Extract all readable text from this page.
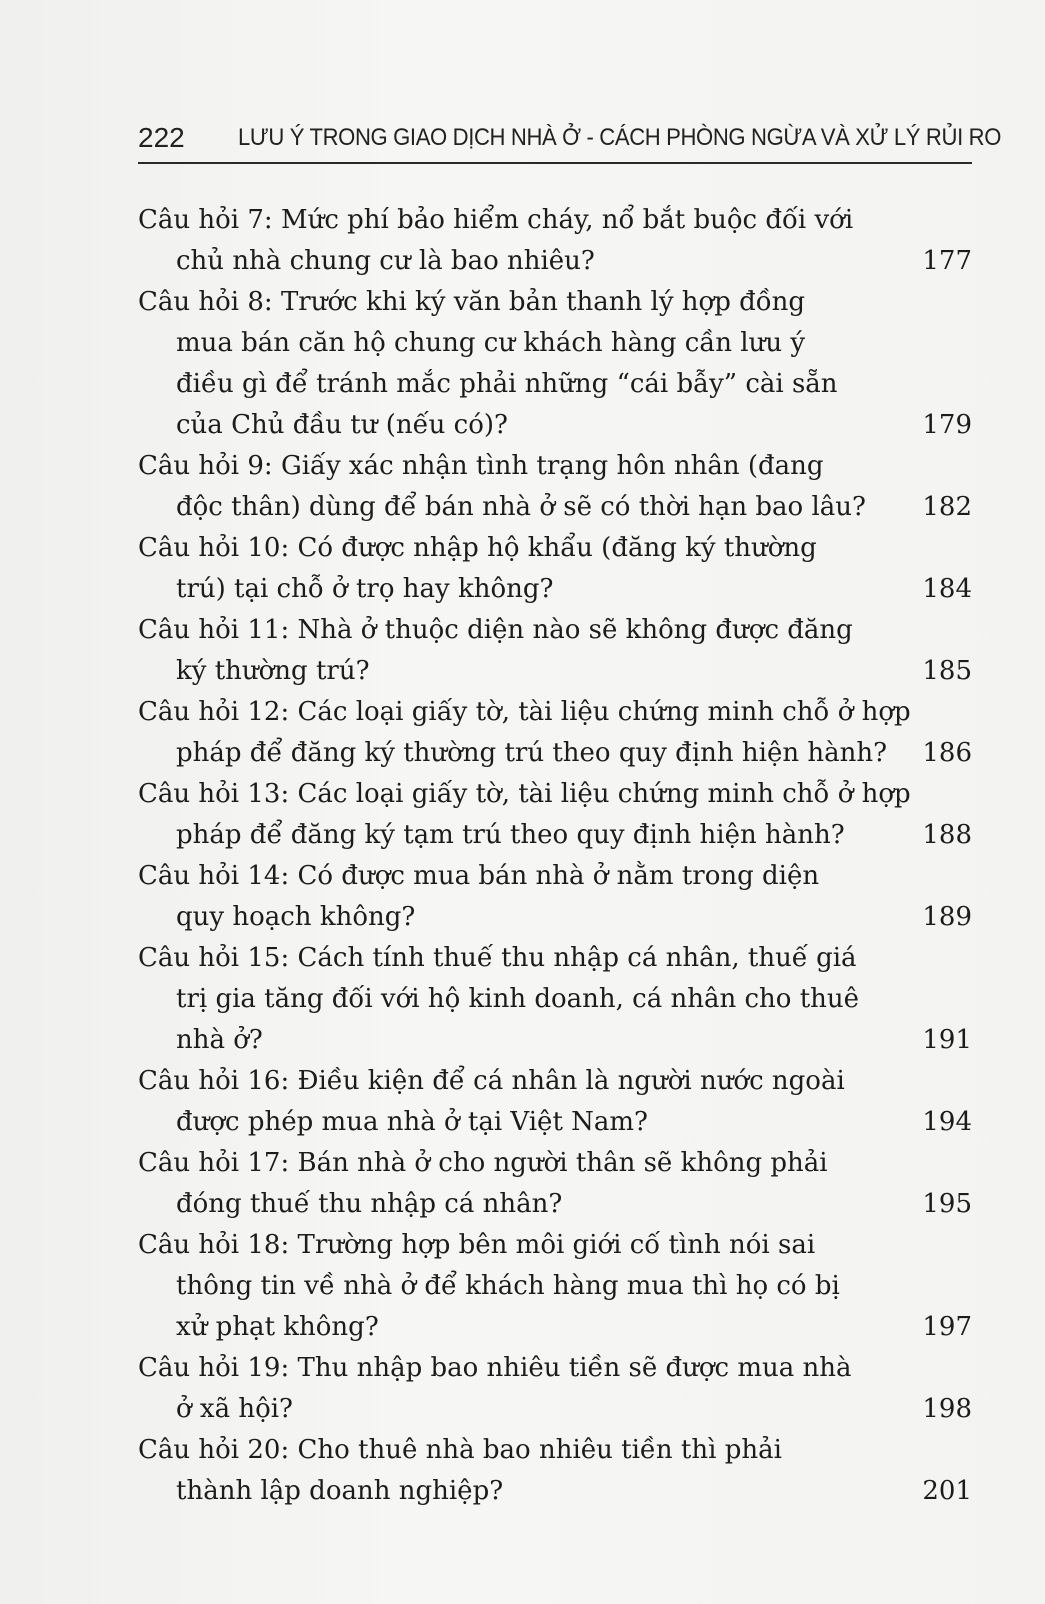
222 LƯU Ý TRONG GIAO DỊCH NHÀ Ở - CÁCH PHÒNG NGỪA VÀ XỬ LÝ RỦI RO
Câu hỏi 7: Mức phí bảo hiểm cháy, nổ bắt buộc đối với
chủ nhà chung cư là bao nhiêu?	177
Câu hỏi 8: Trước khi ký văn bản thanh lý hợp đồng
mua bán căn hộ chung cư khách hàng cần lưu ý
điều gì để tránh mắc phải những “cái bẫy” cài sẵn
của Chủ đầu tư (nếu có)?	179
Câu hỏi 9: Giấy xác nhận tình trạng hôn nhân (đang
độc thân) dùng để bán nhà ở sẽ có thời hạn bao lâu?	182
Câu hỏi 10: Có được nhập hộ khẩu (đăng ký thường
trú) tại chỗ ở trọ hay không?	184
Câu hỏi 11: Nhà ở thuộc diện nào sẽ không được đăng
ký thường trú?	185
Câu hỏi 12: Các loại giấy tờ, tài liệu chứng minh chỗ ở hợp
pháp để đăng ký thường trú theo quy định hiện hành?	186
Câu hỏi 13: Các loại giấy tờ, tài liệu chứng minh chỗ ở hợp
pháp để đăng ký tạm trú theo quy định hiện hành?	188
Câu hỏi 14: Có được mua bán nhà ở nằm trong diện
quy hoạch không?	189
Câu hỏi 15: Cách tính thuế thu nhập cá nhân, thuế giá
trị gia tăng đối với hộ kinh doanh, cá nhân cho thuê
nhà ở?	191
Câu hỏi 16: Điều kiện để cá nhân là người nước ngoài
được phép mua nhà ở tại Việt Nam?	194
Câu hỏi 17: Bán nhà ở cho người thân sẽ không phải
đóng thuế thu nhập cá nhân?	195
Câu hỏi 18: Trường hợp bên môi giới cố tình nói sai
thông tin về nhà ở để khách hàng mua thì họ có bị
xử phạt không?	197
Câu hỏi 19: Thu nhập bao nhiêu tiền sẽ được mua nhà
ở xã hội?	198
Câu hỏi 20: Cho thuê nhà bao nhiêu tiền thì phải
thành lập doanh nghiệp?	201
